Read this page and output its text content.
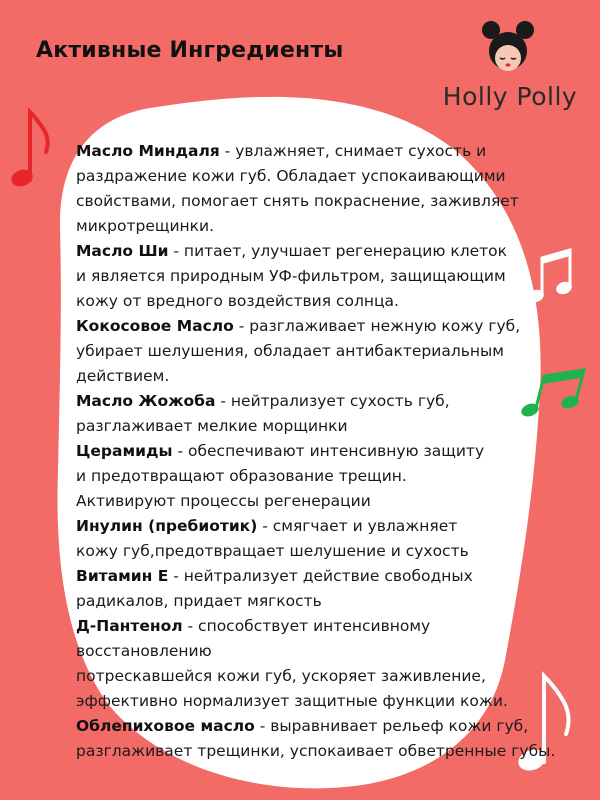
Активные Ингредиенты
Holly Polly

Масло Миндаля - увлажняет, снимает сухость и
раздражение кожи губ. Обладает успокаивающими
свойствами, помогает снять покраснение, заживляет
микротрещинки.

Масло Ши - питает, улучшает регенерацию клеток
и является природным УФ-фильтром, защищающим
кожу от вредного воздействия солнца.

Кокосовое Масло - разглаживает нежную кожу губ,
убирает шелушения, обладает антибактериальным действием.

Масло Жожоба - нейтрализует сухость губ,
разглаживает мелкие морщинки

Церамиды - обеспечивают интенсивную защиту
и предотвращают образование трещин.
Активируют процессы регенерации

Инулин (пребиотик) - смягчает и увлажняет
кожу губ,предотвращает шелушение и сухость

Витамин Е - нейтрализует действие свободных
радикалов, придает мягкость

Д-Пантенол - способствует интенсивному восстановлению
потрескавшейся кожи губ, ускоряет заживление,
эффективно нормализует защитные функции кожи.

Облепиховое масло - выравнивает рельеф кожи губ,
разглаживает трещинки, успокаивает обветренные губы.
